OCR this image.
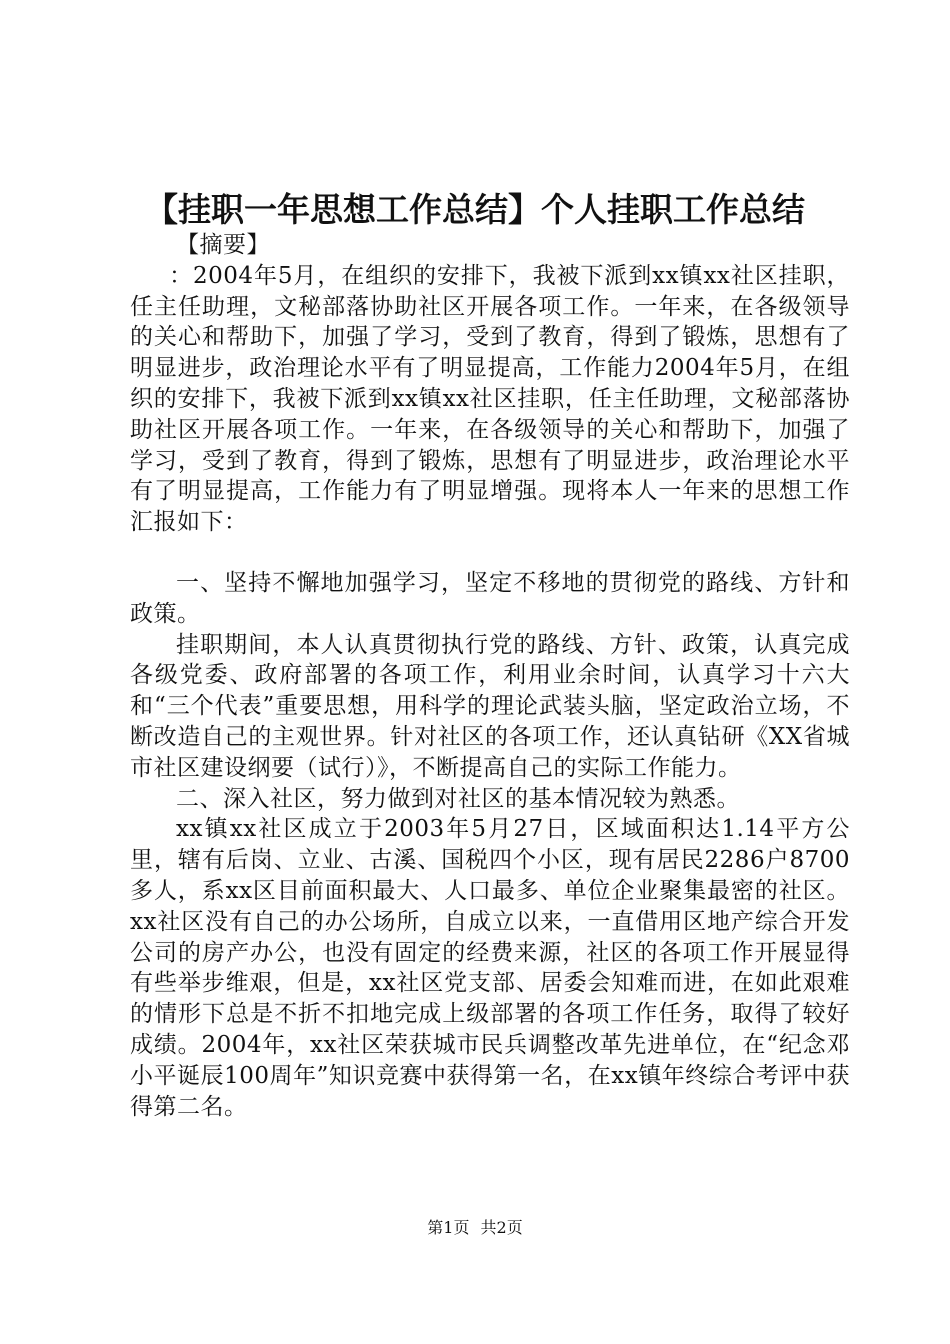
【挂职一年思想工作总结】个人挂职工作总结

【摘要】

：2004年5月，在组织的安排下，我被下派到xx镇xx社区挂职，任主任助理，文秘部落协助社区开展各项工作。一年来，在各级领导的关心和帮助下，加强了学习，受到了教育，得到了锻炼，思想有了明显进步，政治理论水平有了明显提高，工作能力2004年5月，在组织的安排下，我被下派到xx镇xx社区挂职，任主任助理，文秘部落协助社区开展各项工作。一年来，在各级领导的关心和帮助下，加强了学习，受到了教育，得到了锻炼，思想有了明显进步，政治理论水平有了明显提高，工作能力有了明显增强。现将本人一年来的思想工作汇报如下：

一、坚持不懈地加强学习，坚定不移地的贯彻党的路线、方针和政策。

挂职期间，本人认真贯彻执行党的路线、方针、政策，认真完成各级党委、政府部署的各项工作，利用业余时间，认真学习十六大和“三个代表”重要思想，用科学的理论武装头脑，坚定政治立场，不断改造自己的主观世界。针对社区的各项工作，还认真钻研《XX省城市社区建设纲要（试行）》，不断提高自己的实际工作能力。

二、深入社区，努力做到对社区的基本情况较为熟悉。

xx镇xx社区成立于2003年5月27日，区域面积达1.14平方公里，辖有后岗、立业、古溪、国税四个小区，现有居民2286户8700多人，系xx区目前面积最大、人口最多、单位企业聚集最密的社区。xx社区没有自己的办公场所，自成立以来，一直借用区地产综合开发公司的房产办公，也没有固定的经费来源，社区的各项工作开展显得有些举步维艰，但是，xx社区党支部、居委会知难而进，在如此艰难的情形下总是不折不扣地完成上级部署的各项工作任务，取得了较好成绩。2004年，xx社区荣获城市民兵调整改革先进单位，在“纪念邓小平诞辰100周年”知识竞赛中获得第一名，在xx镇年终综合考评中获得第二名。

第1页 共2页
